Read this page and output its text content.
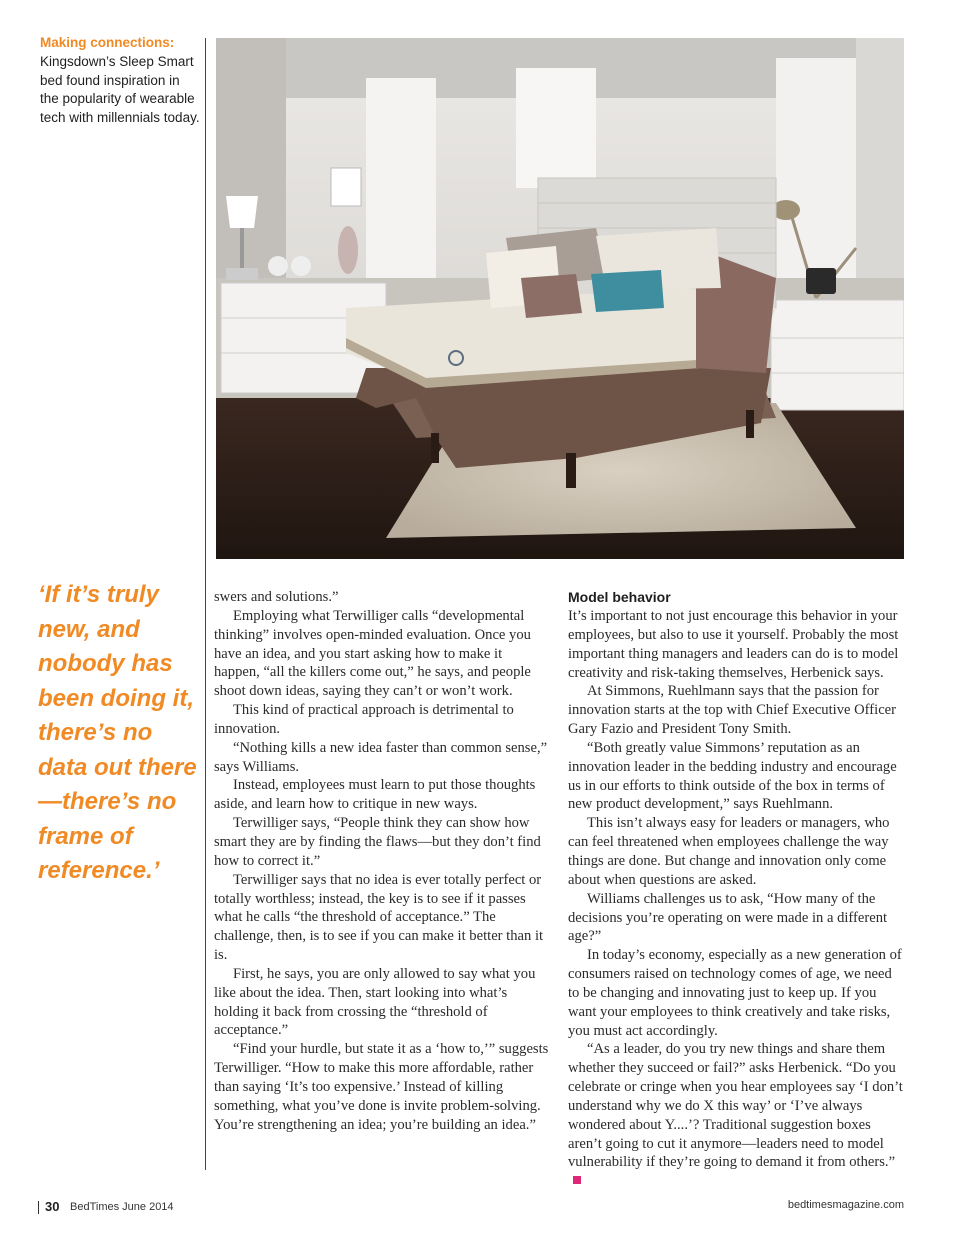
Making connections:
Kingsdown’s Sleep Smart bed found inspiration in the popularity of wearable tech with millennials today.
‘If it’s truly new, and nobody has been doing it, there’s no data out there—there’s no frame of reference.’

swers and solutions.”

Employing what Terwilliger calls “developmental thinking” involves open-minded evaluation. Once you have an idea, and you start asking how to make it happen, “all the killers come out,” he says, and people shoot down ideas, saying they can’t or won’t work.

This kind of practical approach is detrimental to innovation.

“Nothing kills a new idea faster than common sense,” says Williams.

Instead, employees must learn to put those thoughts aside, and learn how to critique in new ways.

Terwilliger says, “People think they can show how smart they are by finding the flaws—but they don’t find how to correct it.”

Terwilliger says that no idea is ever totally perfect or totally worthless; instead, the key is to see if it passes what he calls “the threshold of acceptance.” The challenge, then, is to see if you can make it better than it is.

First, he says, you are only allowed to say what you like about the idea. Then, start looking into what’s holding it back from crossing the “threshold of acceptance.”

“Find your hurdle, but state it as a ‘how to,’” suggests Terwilliger. “How to make this more affordable, rather than saying ‘It’s too expensive.’ Instead of killing something, what you’ve done is invite problem-solving. You’re strengthening an idea; you’re building an idea.”

Model behavior

It’s important to not just encourage this behavior in your employees, but also to use it yourself. Probably the most important thing managers and leaders can do is to model creativity and risk-taking themselves, Herbenick says.

At Simmons, Ruehlmann says that the passion for innovation starts at the top with Chief Executive Officer Gary Fazio and President Tony Smith.

“Both greatly value Simmons’ reputation as an innovation leader in the bedding industry and encourage us in our efforts to think outside of the box in terms of new product development,” says Ruehlmann.

This isn’t always easy for leaders or managers, who can feel threatened when employees challenge the way things are done. But change and innovation only come about when questions are asked.

Williams challenges us to ask, “How many of the decisions you’re operating on were made in a different age?”

In today’s economy, especially as a new generation of consumers raised on technology comes of age, we need to be changing and innovating just to keep up. If you want your employees to think creatively and take risks, you must act accordingly.

“As a leader, do you try new things and share them whether they succeed or fail?” asks Herbenick. “Do you celebrate or cringe when you hear employees say ‘I don’t understand why we do X this way’ or ‘I’ve always wondered about Y....’? Traditional suggestion boxes aren’t going to cut it anymore—leaders need to model vulnerability if they’re going to demand it from others.”

30 BedTimes June 2014	bedtimesmagazine.com
